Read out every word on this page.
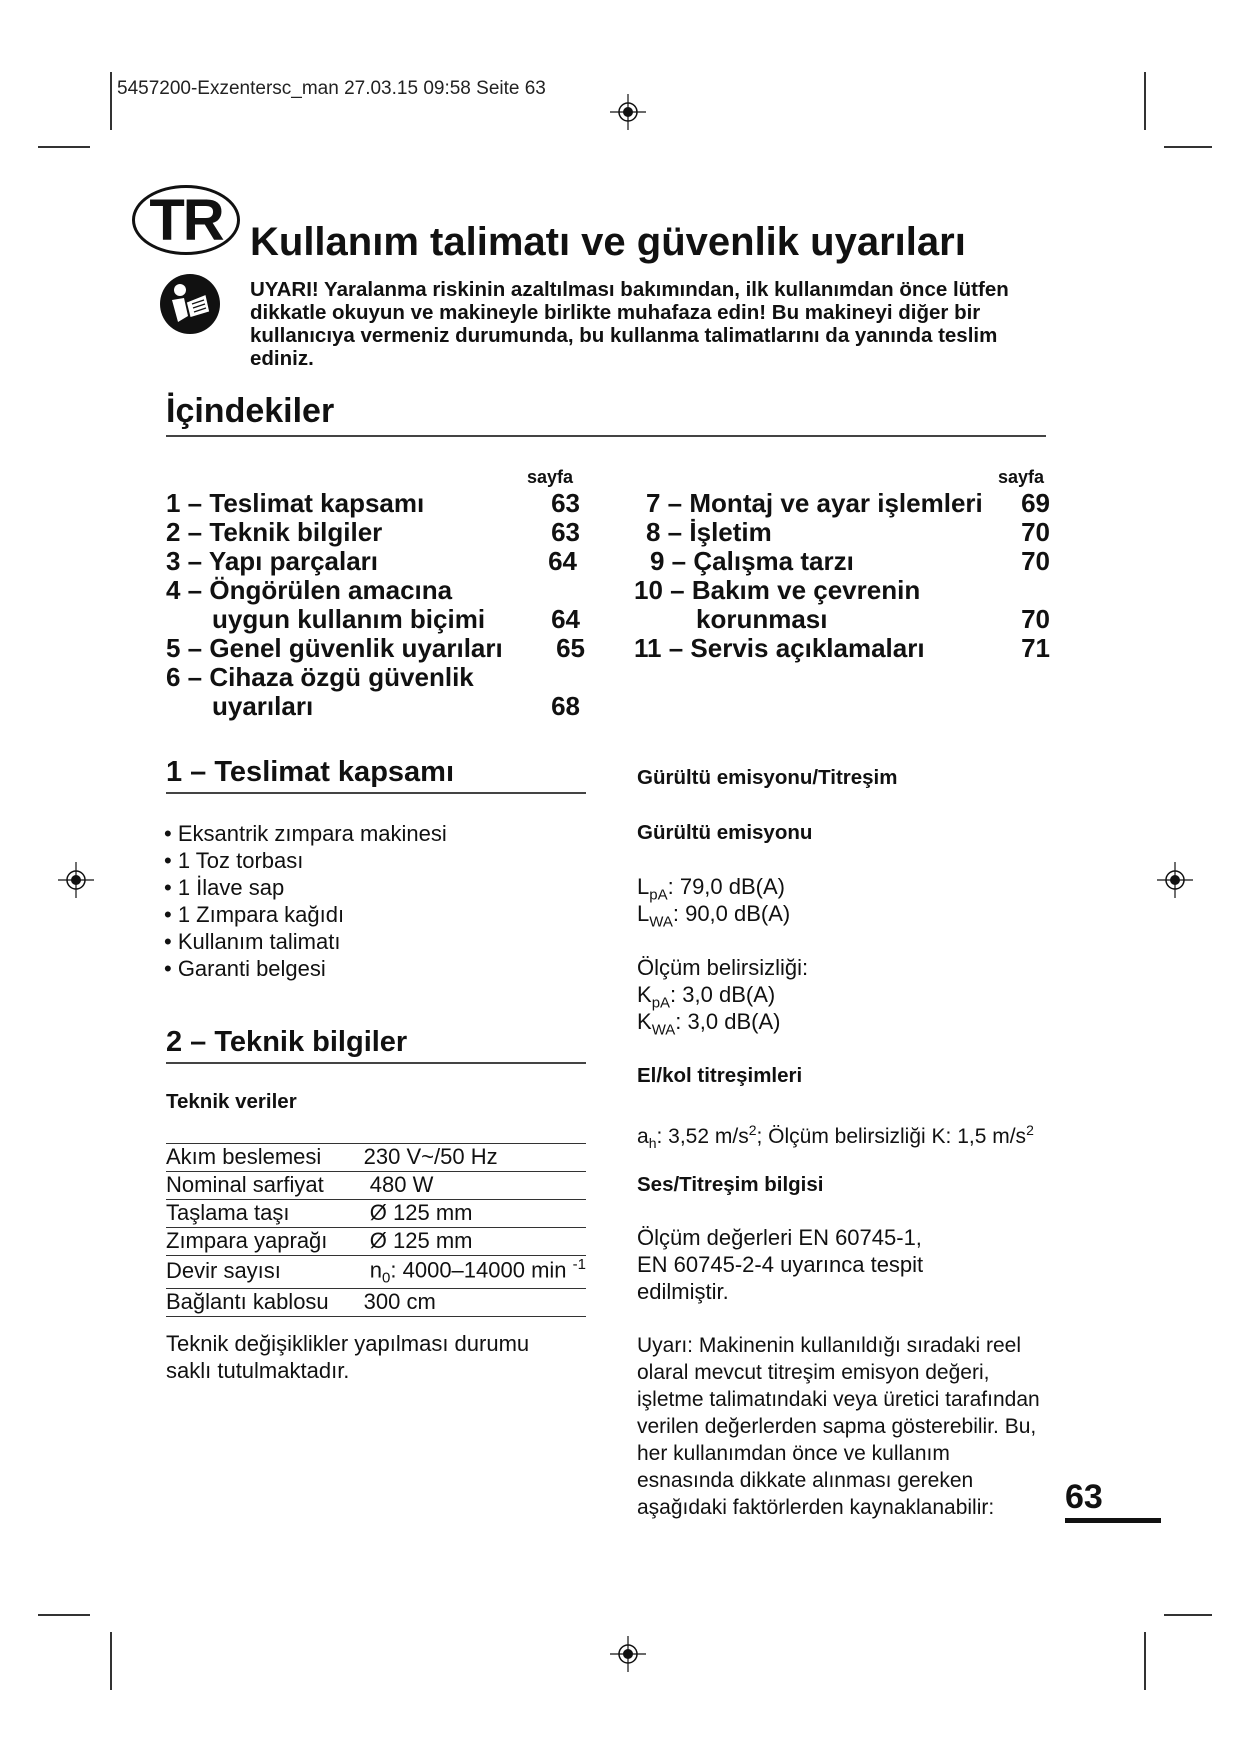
5457200-Exzentersc_man 27.03.15 09:58 Seite 63
TR Kullanım talimatı ve güvenlik uyarıları
UYARI! Yaralanma riskinin azaltılması bakımından, ilk kullanımdan önce lütfen dikkatle okuyun ve makineyle birlikte muhafaza edin! Bu makineyi diğer bir kullanıcıya vermeniz durumunda, bu kullanma talimatlarını da yanında teslim ediniz.
İçindekiler
sayfa	sayfa
1 – Teslimat kapsamı	63
2 – Teknik bilgiler	63
3 – Yapı parçaları	64
4 – Öngörülen amacına
uygun kullanım biçimi	64
5 – Genel güvenlik uyarıları	65
6 – Cihaza özgü güvenlik
uyarıları	68
7 – Montaj ve ayar işlemleri	69
8 – İşletim	70
9 – Çalışma tarzı	70
10 – Bakım ve çevrenin
korunması	70
11 – Servis açıklamaları	71
1 – Teslimat kapsamı
• Eksantrik zımpara makinesi
• 1 Toz torbası
• 1 İlave sap
• 1 Zımpara kağıdı
• Kullanım talimatı
• Garanti belgesi
2 – Teknik bilgiler
Teknik veriler
Akım beslemesi	230 V~/50 Hz
Nominal sarfiyat	480 W
Taşlama taşı	Ø 125 mm
Zımpara yaprağı	Ø 125 mm
Devir sayısı	$n_0$: 4000–14000 min $^{-1}$
Bağlantı kablosu	300 cm
Teknik değişiklikler yapılması durumu
saklı tutulmaktadır.
Gürültü emisyonu/Titreşim
Gürültü emisyonu
$L_{pA}$: 79,0 dB(A)
$L_{WA}$: 90,0 dB(A)
Ölçüm belirsizliği:
$K_{pA}$: 3,0 dB(A)
$K_{WA}$: 3,0 dB(A)
El/kol titreşimleri
$a_h$: 3,52 $m/s^2$; Ölçüm belirsizliği K: 1,5 $m/s^2$
Ses/Titreşim bilgisi
Ölçüm değerleri EN 60745-1,
EN 60745-2-4 uyarınca tespit
edilmiştir.
Uyarı: Makinenin kullanıldığı sıradaki reel
olaral mevcut titreşim emisyon değeri,
işletme talimatındaki veya üretici tarafından
verilen değerlerden sapma gösterebilir. Bu,
her kullanımdan önce ve kullanım
esnasında dikkate alınması gereken
aşağıdaki faktörlerden kaynaklanabilir:	63
